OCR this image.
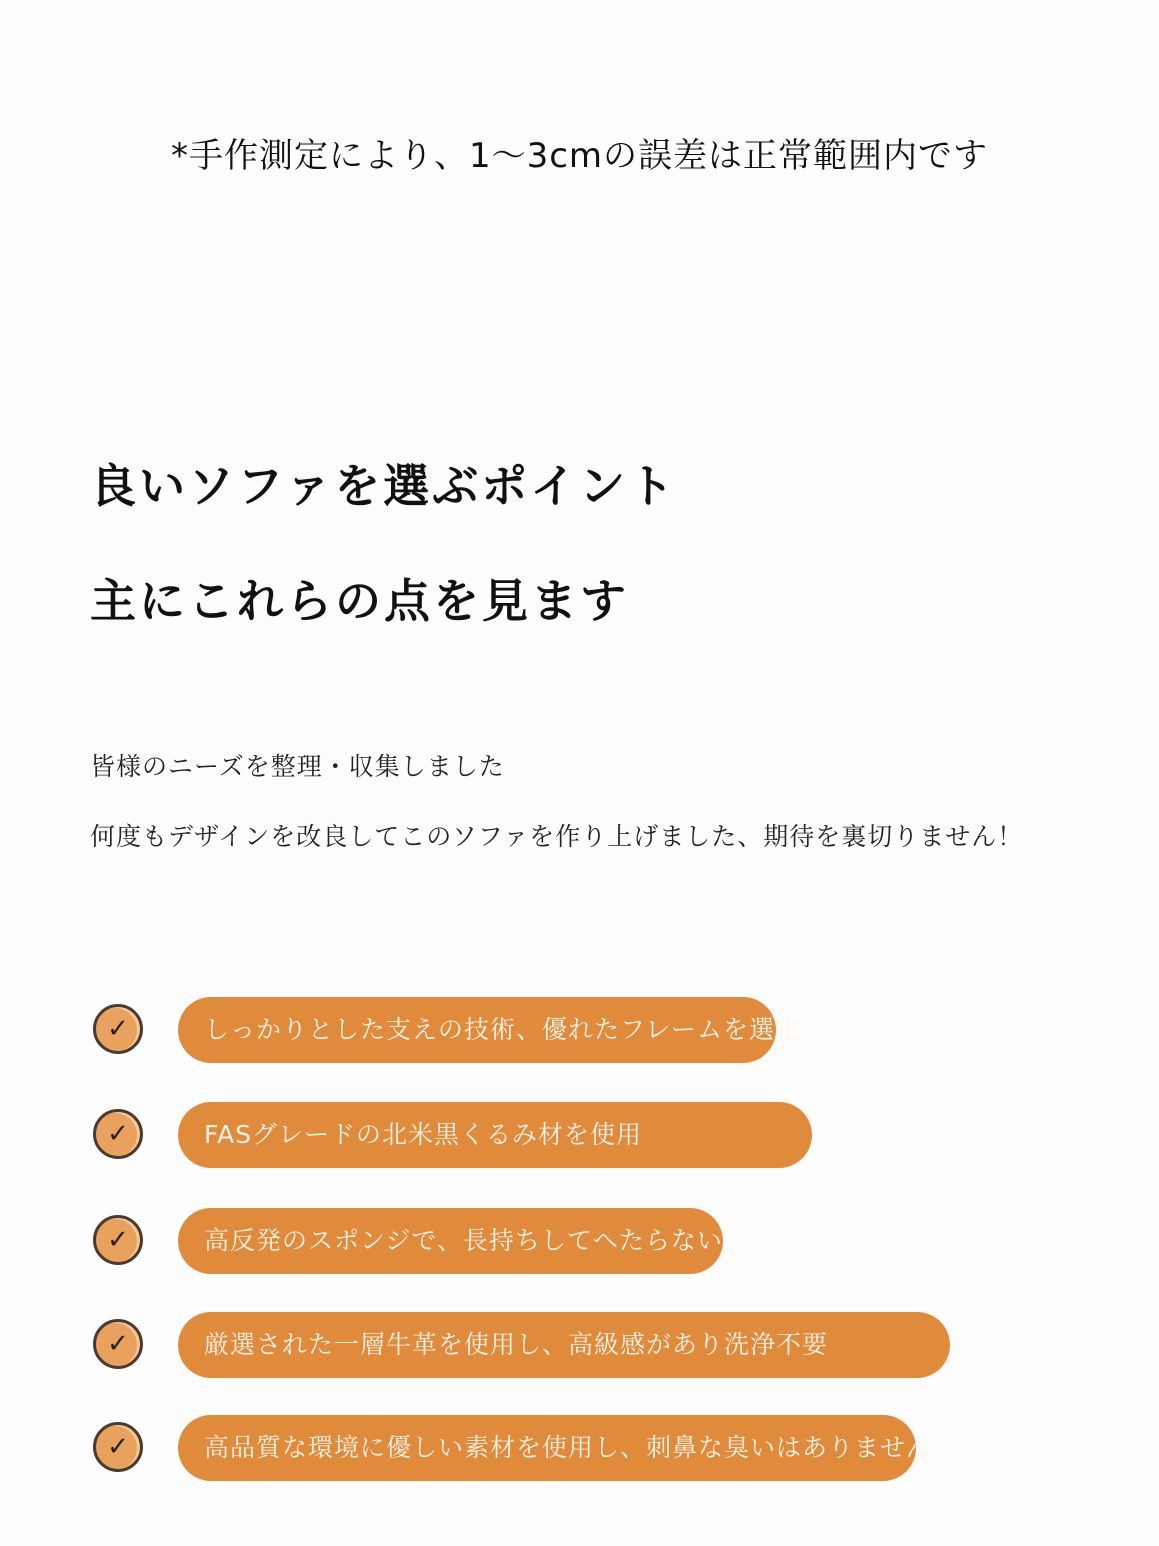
*手作測定により、1〜3cmの誤差は正常範囲内です
良いソファを選ぶポイント
主にこれらの点を見ます
皆様のニーズを整理・収集しました
何度もデザインを改良してこのソファを作り上げました、期待を裏切りません！
✓	しっかりとした支えの技術、優れたフレームを選定
✓	FASグレードの北米黒くるみ材を使用
✓	高反発のスポンジで、長持ちしてへたらない
✓	厳選された一層牛革を使用し、高級感があり洗浄不要
✓	高品質な環境に優しい素材を使用し、刺鼻な臭いはありません
